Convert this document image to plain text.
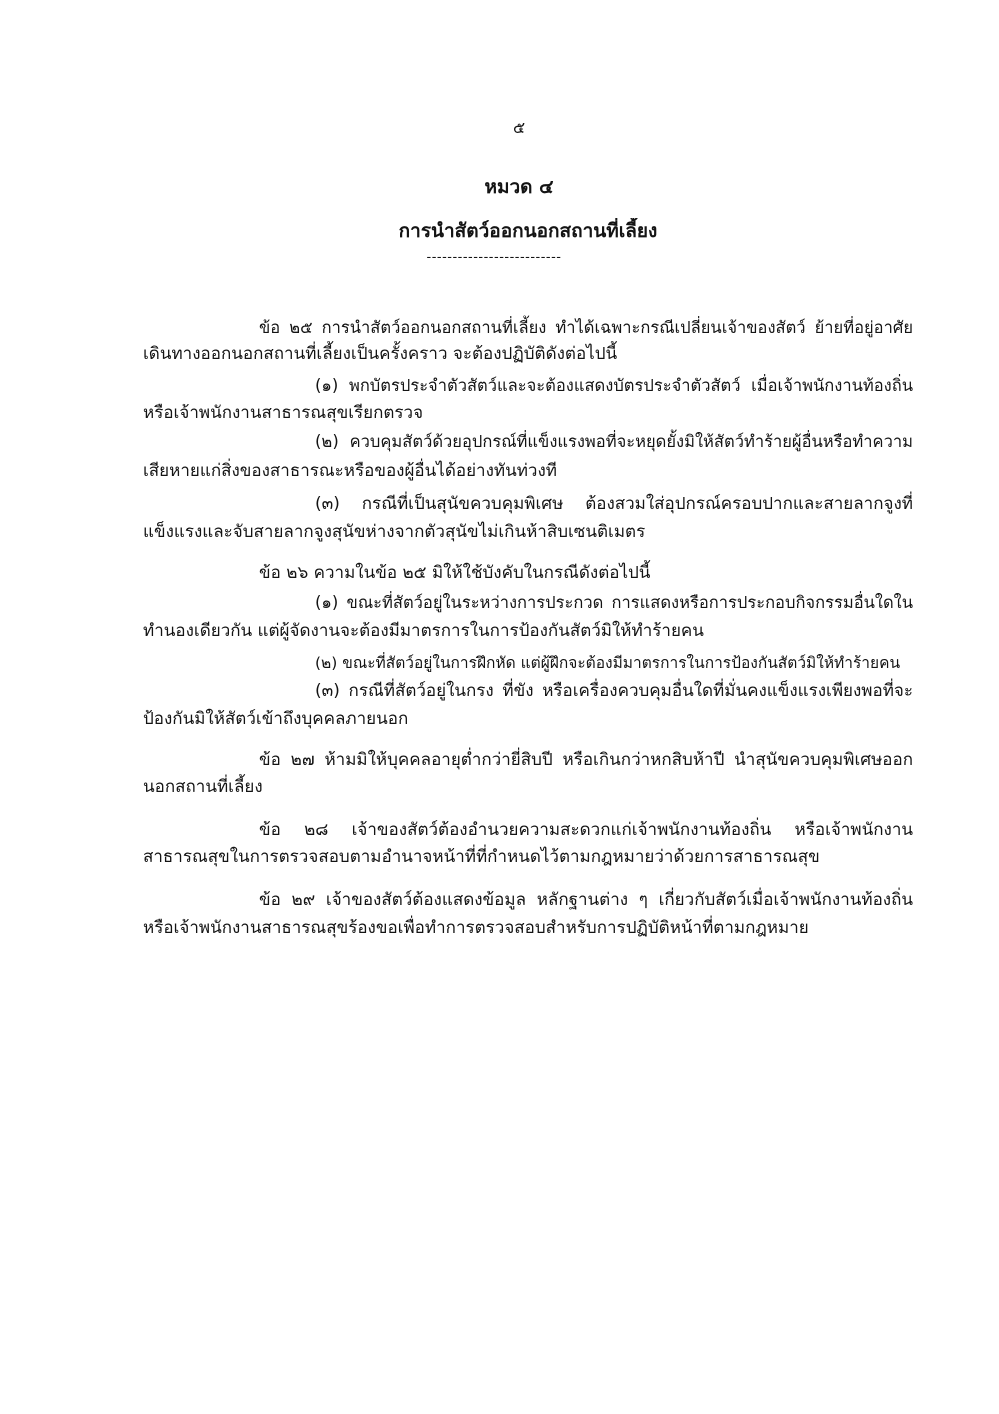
๕
หมวด ๔
การนำสัตว์ออกนอกสถานที่เลี้ยง
--------------------------
ข้อ ๒๕ การนำสัตว์ออกนอกสถานที่เลี้ยง ทำได้เฉพาะกรณีเปลี่ยนเจ้าของสัตว์ ย้ายที่อยู่อาศัย
เดินทางออกนอกสถานที่เลี้ยงเป็นครั้งคราว จะต้องปฏิบัติดังต่อไปนี้
(๑) พกบัตรประจำตัวสัตว์และจะต้องแสดงบัตรประจำตัวสัตว์ เมื่อเจ้าพนักงานท้องถิ่น
หรือเจ้าพนักงานสาธารณสุขเรียกตรวจ
(๒) ควบคุมสัตว์ด้วยอุปกรณ์ที่แข็งแรงพอที่จะหยุดยั้งมิให้สัตว์ทำร้ายผู้อื่นหรือทำความ
เสียหายแก่สิ่งของสาธารณะหรือของผู้อื่นได้อย่างทันท่วงที
(๓) กรณีที่เป็นสุนัขควบคุมพิเศษ ต้องสวมใส่อุปกรณ์ครอบปากและสายลากจูงที่
แข็งแรงและจับสายลากจูงสุนัขห่างจากตัวสุนัขไม่เกินห้าสิบเซนติเมตร
ข้อ ๒๖ ความในข้อ ๒๕ มิให้ใช้บังคับในกรณีดังต่อไปนี้
(๑) ขณะที่สัตว์อยู่ในระหว่างการประกวด การแสดงหรือการประกอบกิจกรรมอื่นใดใน
ทำนองเดียวกัน แต่ผู้จัดงานจะต้องมีมาตรการในการป้องกันสัตว์มิให้ทำร้ายคน
(๒) ขณะที่สัตว์อยู่ในการฝึกหัด แต่ผู้ฝึกจะต้องมีมาตรการในการป้องกันสัตว์มิให้ทำร้ายคน
(๓) กรณีที่สัตว์อยู่ในกรง ที่ขัง หรือเครื่องควบคุมอื่นใดที่มั่นคงแข็งแรงเพียงพอที่จะ
ป้องกันมิให้สัตว์เข้าถึงบุคคลภายนอก
ข้อ ๒๗ ห้ามมิให้บุคคลอายุต่ำกว่ายี่สิบปี หรือเกินกว่าหกสิบห้าปี นำสุนัขควบคุมพิเศษออก
นอกสถานที่เลี้ยง
ข้อ ๒๘ เจ้าของสัตว์ต้องอำนวยความสะดวกแก่เจ้าพนักงานท้องถิ่น หรือเจ้าพนักงาน
สาธารณสุขในการตรวจสอบตามอำนาจหน้าที่ที่กำหนดไว้ตามกฎหมายว่าด้วยการสาธารณสุข
ข้อ ๒๙ เจ้าของสัตว์ต้องแสดงข้อมูล หลักฐานต่าง ๆ เกี่ยวกับสัตว์เมื่อเจ้าพนักงานท้องถิ่น
หรือเจ้าพนักงานสาธารณสุขร้องขอเพื่อทำการตรวจสอบสำหรับการปฏิบัติหน้าที่ตามกฎหมาย
